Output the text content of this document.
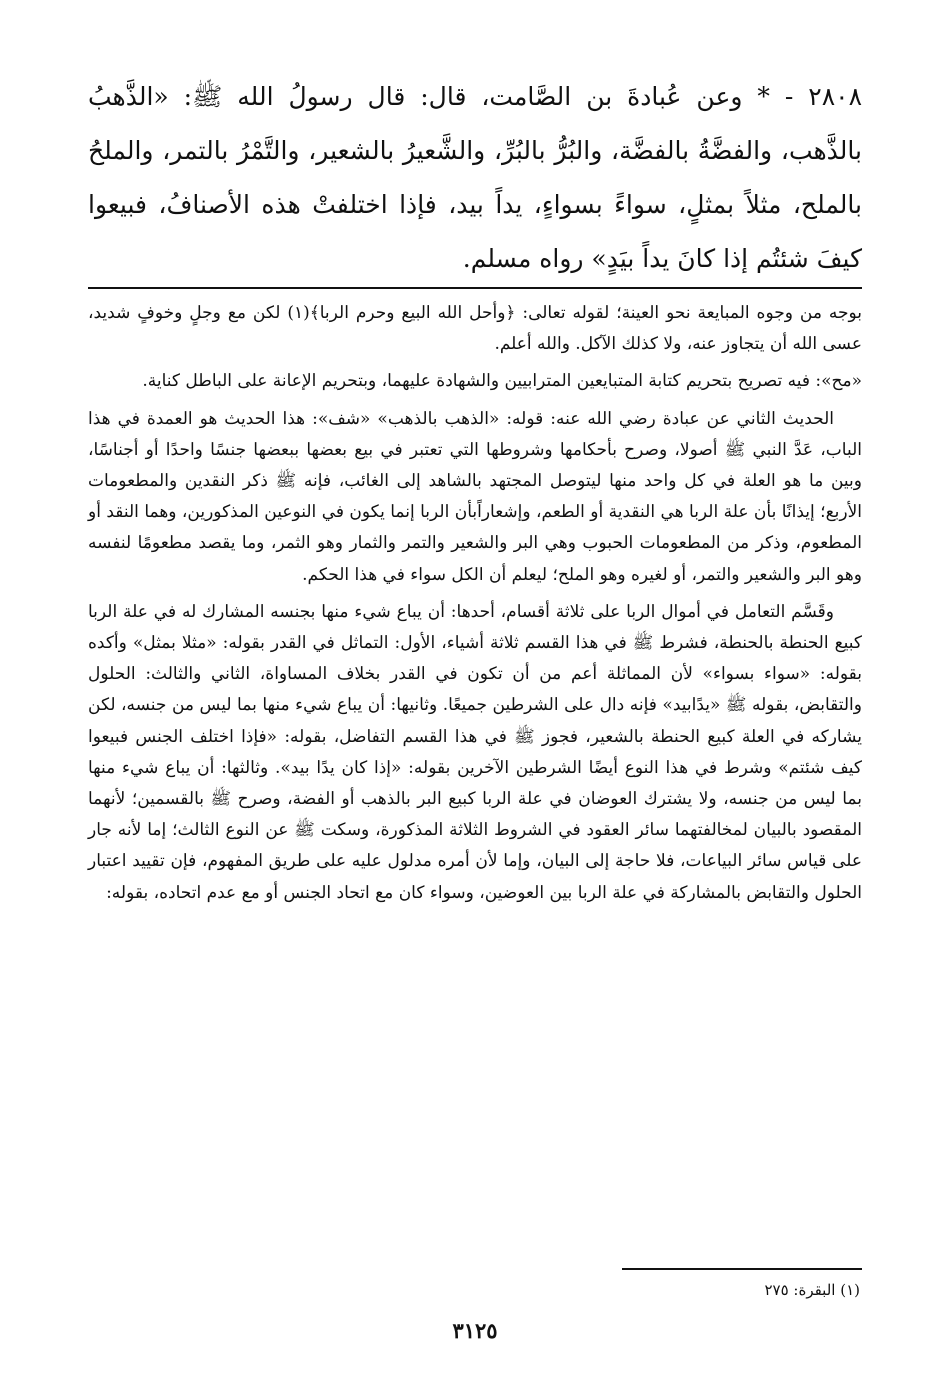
٢٨٠٨ - * وعن عُبادةَ بن الصَّامت، قال: قال رسولُ الله ﷺ: «الذَّهبُ بالذَّهب، والفضَّةُ بالفضَّة، والبُرُّ بالبُرِّ، والشَّعيرُ بالشعير، والتَّمْرُ بالتمر، والملحُ بالملح، مثلاً بمثلٍ، سواءً بسواءٍ، يداً بيد، فإذا اختلفتْ هذه الأصنافُ، فبيعوا كيفَ شئتُم إذا كانَ يداً بيَدٍ» رواه مسلم.

بوجه من وجوه المبايعة نحو العينة؛ لقوله تعالى: ﴿وأحل الله البيع وحرم الربا﴾(١) لكن مع وجلٍ وخوفٍ شديد، عسى الله أن يتجاوز عنه، ولا كذلك الآكل. والله أعلم.

«مح»: فيه تصريح بتحريم كتابة المتبايعين المترابيين والشهادة عليهما، وبتحريم الإعانة على الباطل كناية.

الحديث الثاني عن عبادة رضي الله عنه: قوله: «الذهب بالذهب» «شف»: هذا الحديث هو العمدة في هذا الباب، عَدَّ النبي ﷺ أصولا، وصرح بأحكامها وشروطها التي تعتبر في بيع بعضها ببعضها جنسًا واحدًا أو أجناسًا، وبين ما هو العلة في كل واحد منها ليتوصل المجتهد بالشاهد إلى الغائب، فإنه ﷺ ذكر النقدين والمطعومات الأربع؛ إيذانًا بأن علة الربا هي النقدية أو الطعم، وإشعاراًبأن الربا إنما يكون في النوعين المذكورين، وهما النقد أو المطعوم، وذكر من المطعومات الحبوب وهي البر والشعير والتمر والثمار وهو الثمر، وما يقصد مطعومًا لنفسه وهو البر والشعير والتمر، أو لغيره وهو الملح؛ ليعلم أن الكل سواء في هذا الحكم.

وقَسَّم التعامل في أموال الربا على ثلاثة أقسام، أحدها: أن يباع شيء منها بجنسه المشارك له في علة الربا كبيع الحنطة بالحنطة، فشرط ﷺ في هذا القسم ثلاثة أشياء، الأول: التماثل في القدر بقوله: «مثلا بمثل» وأكده بقوله: «سواء بسواء» لأن المماثلة أعم من أن تكون في القدر بخلاف المساواة، الثاني والثالث: الحلول والتقابض، بقوله ﷺ «يدًابيد» فإنه دال على الشرطين جميعًا. وثانيها: أن يباع شيء منها بما ليس من جنسه، لكن يشاركه في العلة كبيع الحنطة بالشعير، فجوز ﷺ في هذا القسم التفاضل، بقوله: «فإذا اختلف الجنس فبيعوا كيف شئتم» وشرط في هذا النوع أيضًا الشرطين الآخرين بقوله: «إذا كان يدًا بيد». وثالثها: أن يباع شيء منها بما ليس من جنسه، ولا يشترك العوضان في علة الربا كبيع البر بالذهب أو الفضة، وصرح ﷺ بالقسمين؛ لأنهما المقصود بالبيان لمخالفتهما سائر العقود في الشروط الثلاثة المذكورة، وسكت ﷺ عن النوع الثالث؛ إما لأنه جار على قياس سائر البياعات، فلا حاجة إلى البيان، وإما لأن أمره مدلول عليه على طريق المفهوم، فإن تقييد اعتبار الحلول والتقابض بالمشاركة في علة الربا بين العوضين، وسواء كان مع اتحاد الجنس أو مع عدم اتحاده، بقوله:

(١) البقرة: ٢٧٥
٣١٢٥
